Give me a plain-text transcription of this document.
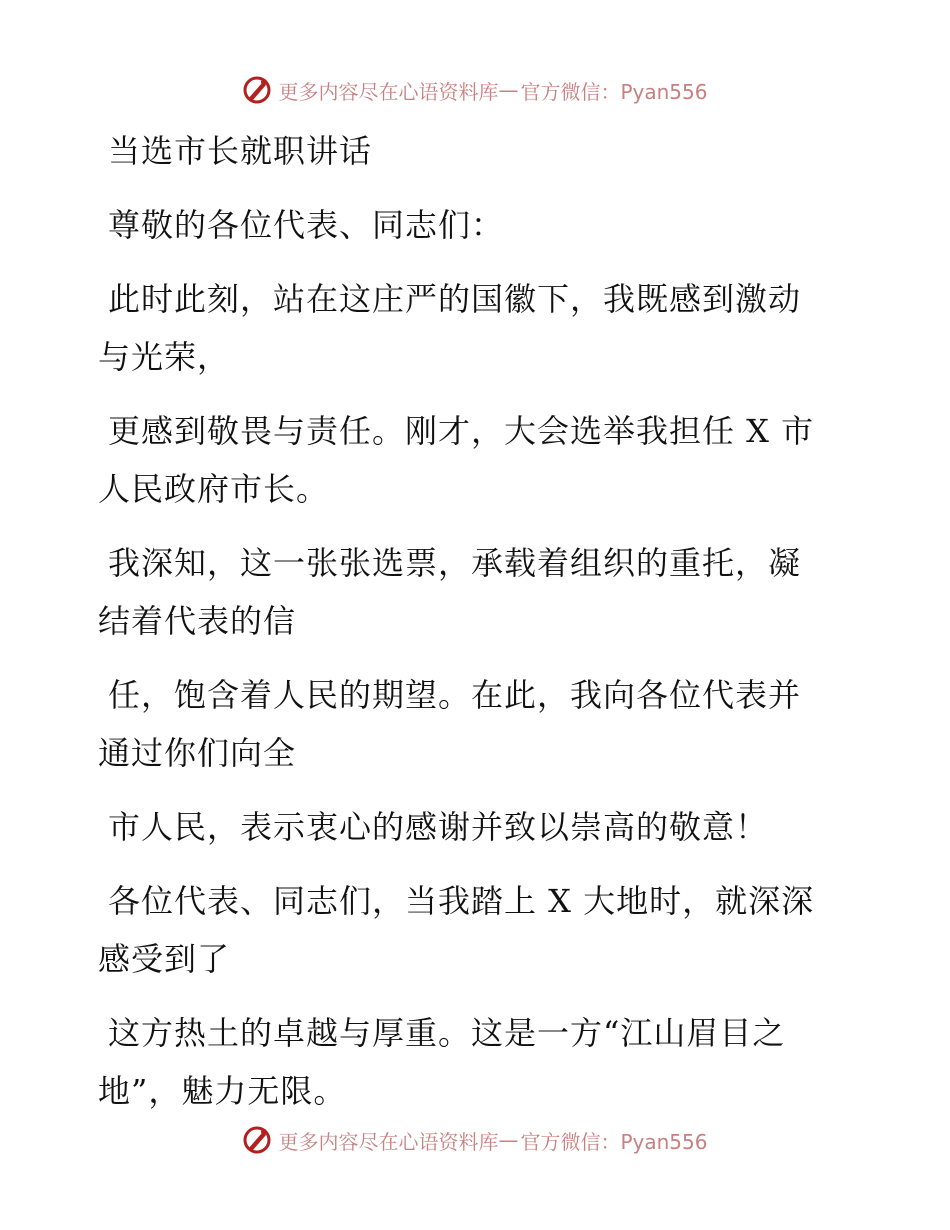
更多内容尽在心语资料库 — 官方微信：Pyan556
当选市长就职讲话
尊敬的各位代表、同志们：
此时此刻，站在这庄严的国徽下，我既感到激动
与光荣，
更感到敬畏与责任。刚才，大会选举我担任 X 市
人民政府市长。
我深知，这一张张选票，承载着组织的重托，凝
结着代表的信
任，饱含着人民的期望。在此，我向各位代表并
通过你们向全
市人民，表示衷心的感谢并致以崇高的敬意！
各位代表、同志们，当我踏上 X 大地时，就深深
感受到了
这方热土的卓越与厚重。这是一方“江山眉目之
地”，魅力无限。
更多内容尽在心语资料库 — 官方微信：Pyan556
